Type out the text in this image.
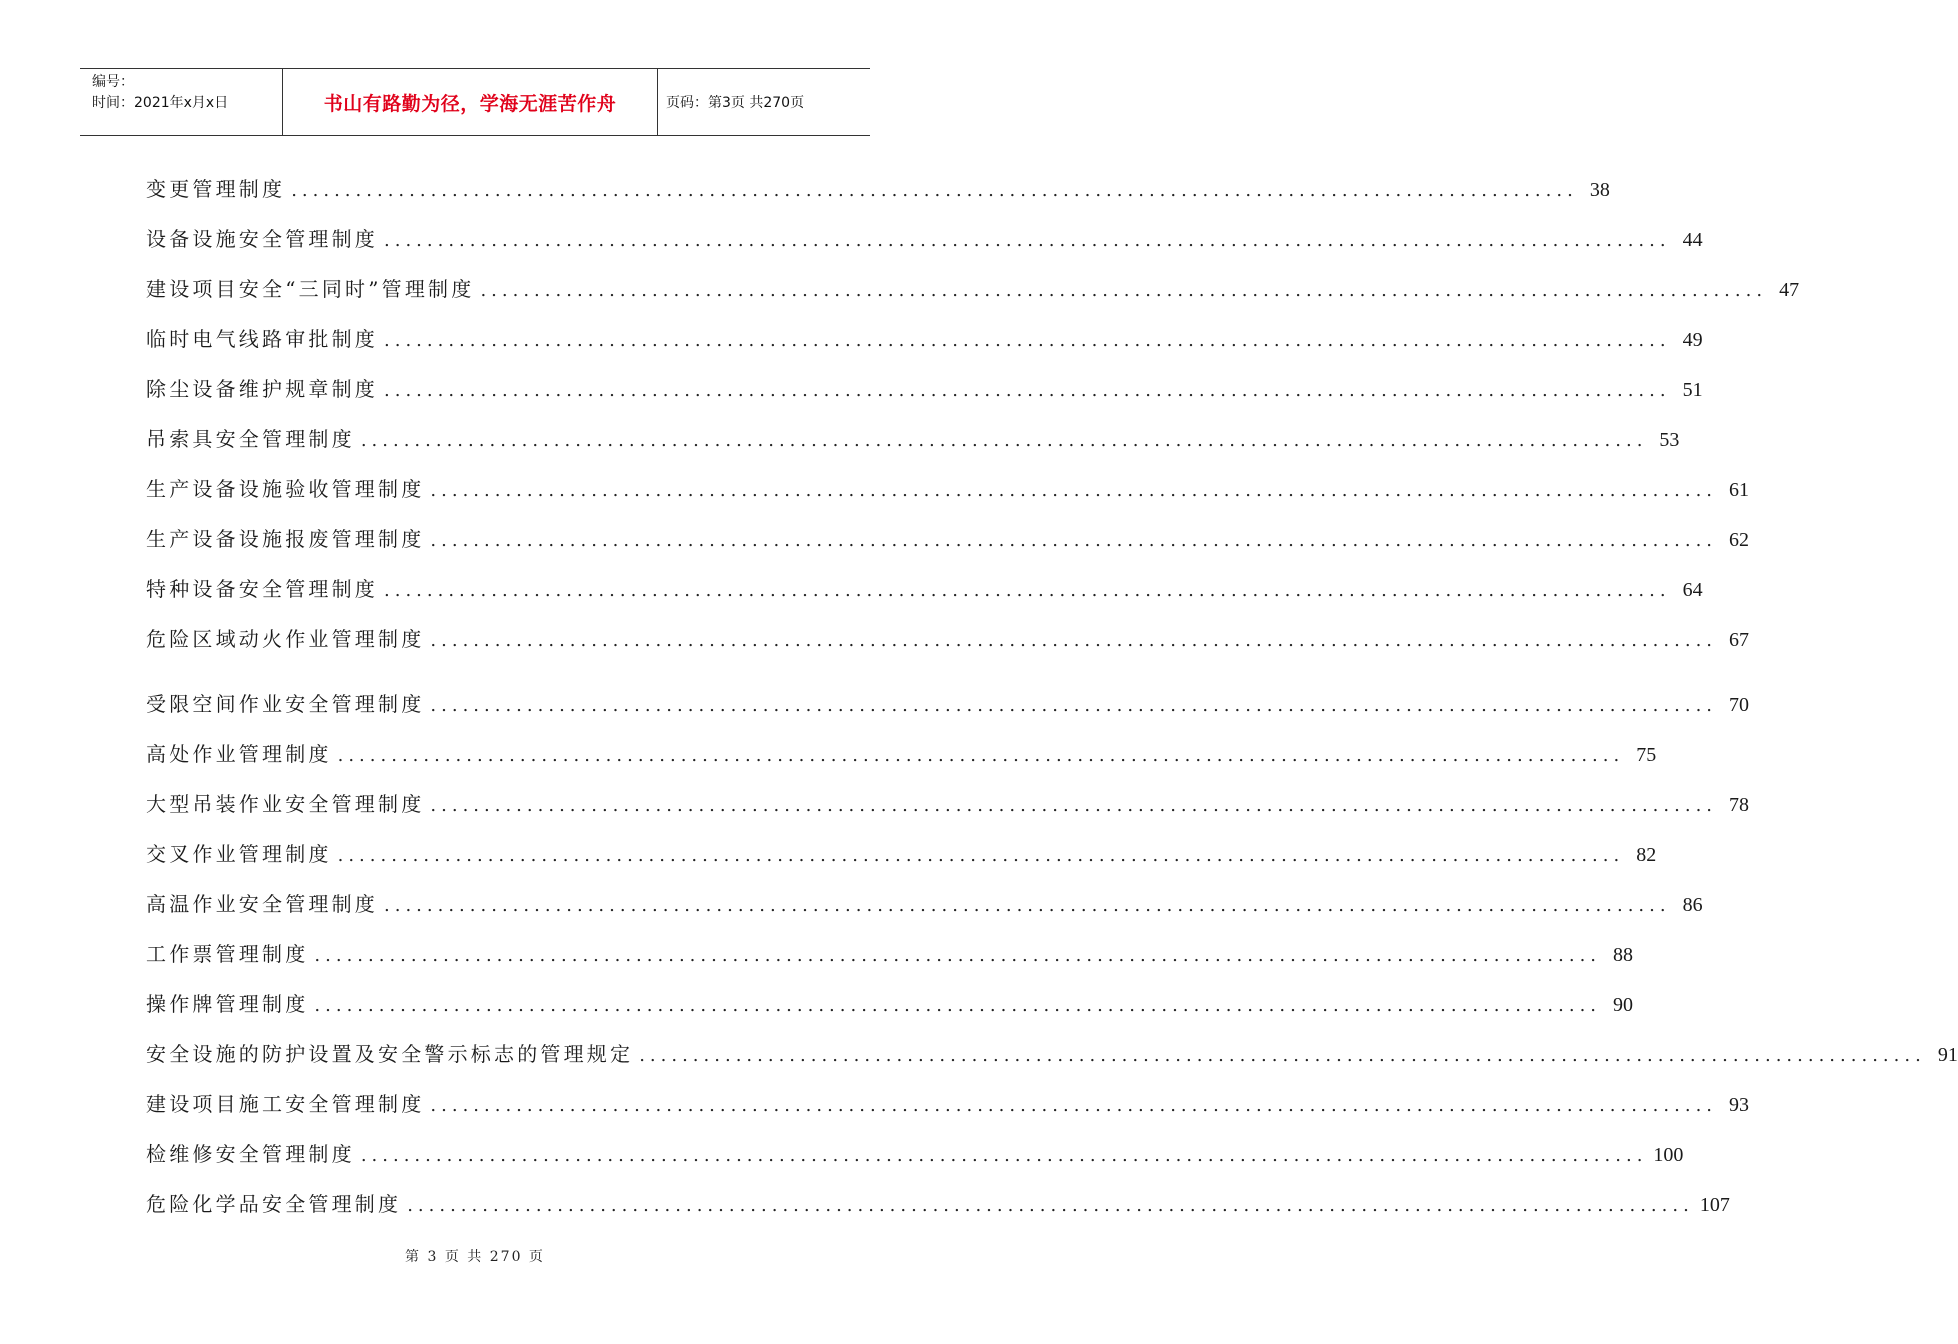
编号：
时间：2021年x月x日	书山有路勤为径，学海无涯苦作舟	页码：第3页 共270页
变更管理制度 ........................................................................................................................ 38
设备设施安全管理制度 ........................................................................................................................ 44
建设项目安全“三同时”管理制度 ........................................................................................................................ 47
临时电气线路审批制度 ........................................................................................................................ 49
除尘设备维护规章制度 ........................................................................................................................ 51
吊索具安全管理制度 ........................................................................................................................ 53
生产设备设施验收管理制度 ........................................................................................................................ 61
生产设备设施报废管理制度 ........................................................................................................................ 62
特种设备安全管理制度 ........................................................................................................................ 64
危险区域动火作业管理制度 ........................................................................................................................ 67
受限空间作业安全管理制度 ........................................................................................................................ 70
高处作业管理制度 ........................................................................................................................ 75
大型吊装作业安全管理制度 ........................................................................................................................ 78
交叉作业管理制度 ........................................................................................................................ 82
高温作业安全管理制度 ........................................................................................................................ 86
工作票管理制度 ........................................................................................................................ 88
操作牌管理制度 ........................................................................................................................ 90
安全设施的防护设置及安全警示标志的管理规定 ........................................................................................................................ 91
建设项目施工安全管理制度 ........................................................................................................................ 93
检维修安全管理制度 ........................................................................................................................ 100
危险化学品安全管理制度 ........................................................................................................................ 107
第 3 页 共 270 页
